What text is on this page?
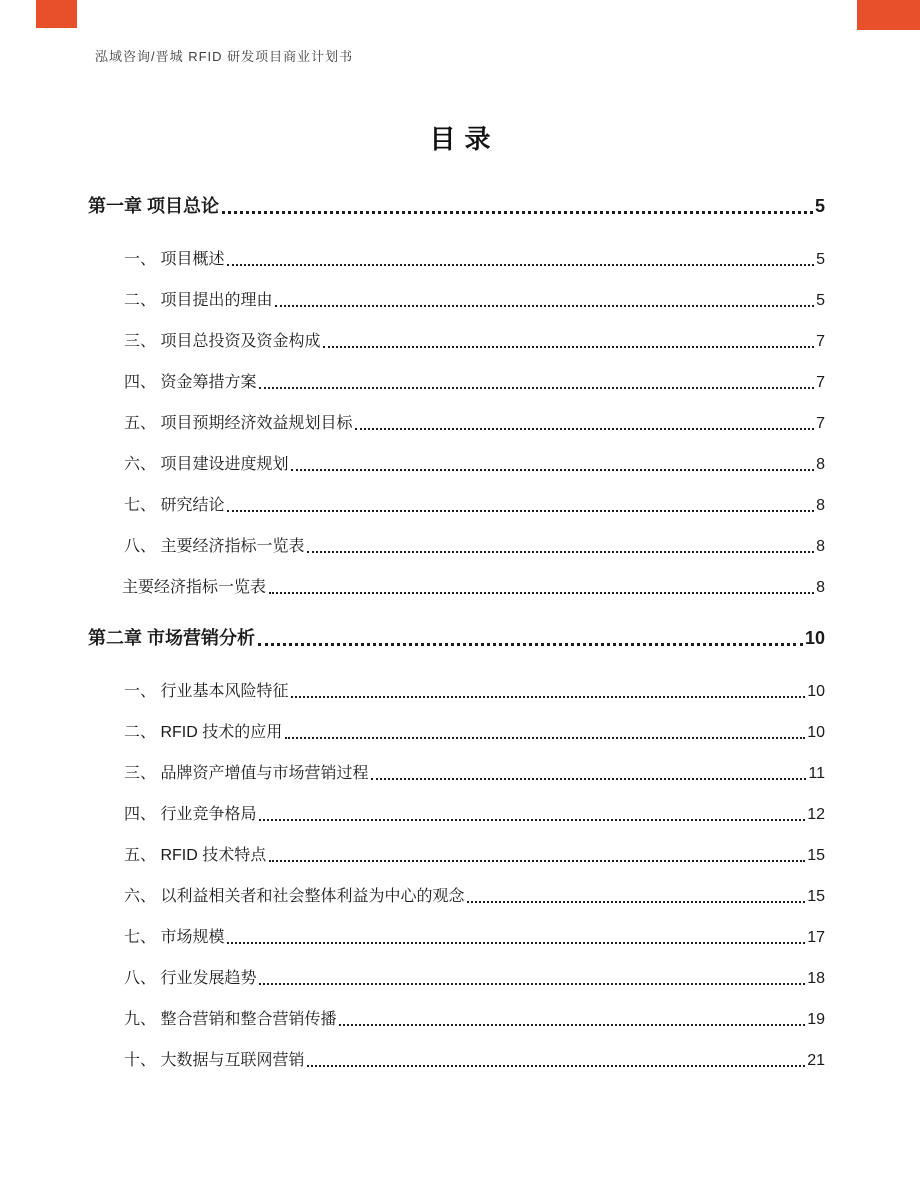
泓域咨询/晋城 RFID 研发项目商业计划书
目录
第一章 项目总论	5
一、 项目概述	5
二、 项目提出的理由	5
三、 项目总投资及资金构成	7
四、 资金筹措方案	7
五、 项目预期经济效益规划目标	7
六、 项目建设进度规划	8
七、 研究结论	8
八、 主要经济指标一览表	8
主要经济指标一览表	8
第二章 市场营销分析	10
一、 行业基本风险特征	10
二、 RFID 技术的应用	10
三、 品牌资产增值与市场营销过程	11
四、 行业竞争格局	12
五、 RFID 技术特点	15
六、 以利益相关者和社会整体利益为中心的观念	15
七、 市场规模	17
八、 行业发展趋势	18
九、 整合营销和整合营销传播	19
十、 大数据与互联网营销	21
